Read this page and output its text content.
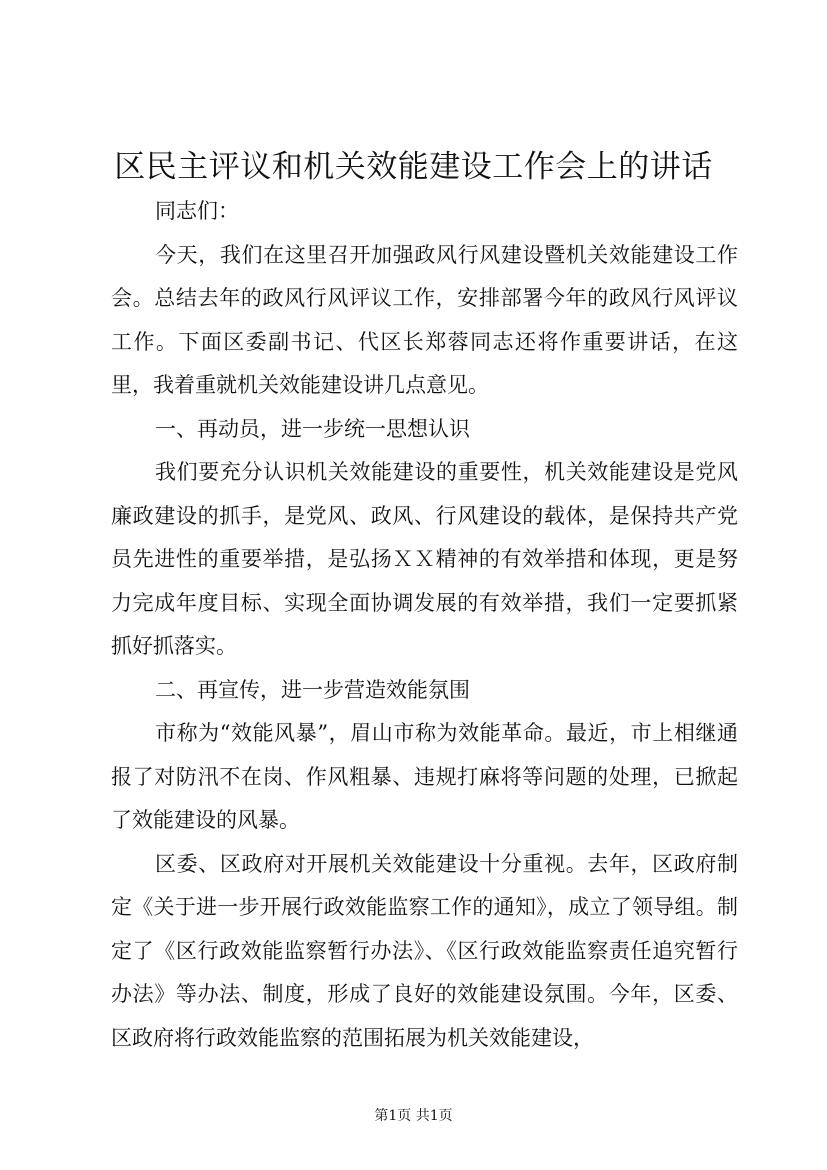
区民主评议和机关效能建设工作会上的讲话

同志们：

今天，我们在这里召开加强政风行风建设暨机关效能建设工作会。总结去年的政风行风评议工作，安排部署今年的政风行风评议工作。下面区委副书记、代区长郑蓉同志还将作重要讲话，在这里，我着重就机关效能建设讲几点意见。

一、再动员，进一步统一思想认识

我们要充分认识机关效能建设的重要性，机关效能建设是党风廉政建设的抓手，是党风、政风、行风建设的载体，是保持共产党员先进性的重要举措，是弘扬ＸＸ精神的有效举措和体现，更是努力完成年度目标、实现全面协调发展的有效举措，我们一定要抓紧抓好抓落实。

二、再宣传，进一步营造效能氛围

市称为“效能风暴”，眉山市称为效能革命。最近，市上相继通报了对防汛不在岗、作风粗暴、违规打麻将等问题的处理，已掀起了效能建设的风暴。

区委、区政府对开展机关效能建设十分重视。去年，区政府制定《关于进一步开展行政效能监察工作的通知》，成立了领导组。制定了《区行政效能监察暂行办法》、《区行政效能监察责任追究暂行办法》等办法、制度，形成了良好的效能建设氛围。今年，区委、区政府将行政效能监察的范围拓展为机关效能建设，

第1页 共1页
